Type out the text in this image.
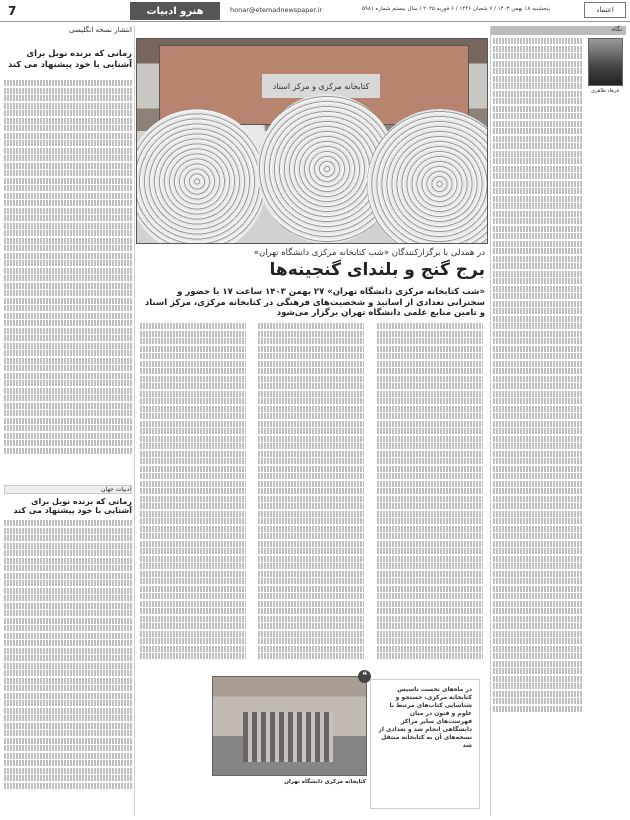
7	هنرو ادبیات	honar@etemadnewspaper.ir	پنجشنبه ۱۸ بهمن ۱۴۰۳ / ۷ شعبان ۱۴۴۶ / ۶ فوریه ۲۰۲۵ / سال بیستم شماره ۵۹۸۱	اعتماد
نگاه
فرهاد طاهری
کتابخانه مرکزی و مرکز اسناد
در همدلی با برگزارکنندگان «شب کتابخانه مرکزی دانشگاه تهران»
برج گنج و بلندای گنجینه‌ها
«شب کتابخانه مرکزی دانشگاه تهران» ۲۷ بهمن ۱۴۰۳ ساعت ۱۷ با حضور و سخنرانی تعدادی از اساتید و شخصیت‌های فرهنگی در کتابخانه مرکزی، مرکز اسناد و تامین منابع علمی دانشگاه تهران برگزار می‌شود
انتشار نسخه انگلیسی
رمانی که برنده نوبل برای آشنایی با خود پیشنهاد می کند
ادبیات جهان
رمانی که برنده نوبل برای آشنایی با خود پیشنهاد می کند
کتابخانه مرکزی دانشگاه تهران
❝
در ماه‌های نخست تاسیس کتابخانه مرکزی، جستجو و شناسایی کتاب‌های مرتبط با علوم و فنون در میان فهرست‌های سایر مراکز دانشگاهی انجام شد و تعدادی از نسخه‌های آن به کتابخانه منتقل شد
